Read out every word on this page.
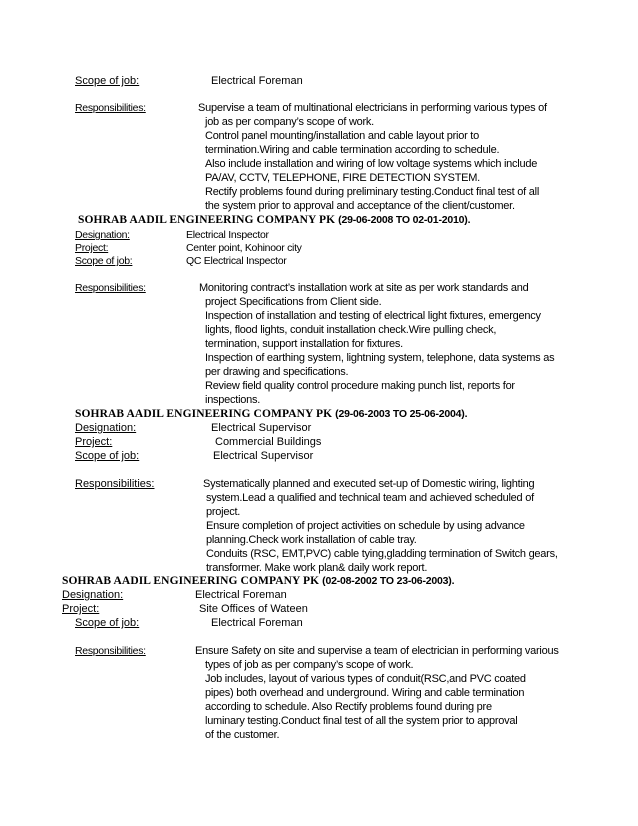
Scope of job:	Electrical Foreman
Responsibilities:	Supervise a team of multinational electricians in performing various types of
job as per company’s scope of work.
Control panel mounting/installation and cable layout prior to
termination.Wiring and cable termination according to schedule.
Also include installation and wiring of low voltage systems which include
PA/AV, CCTV, TELEPHONE, FIRE DETECTION SYSTEM.
Rectify problems found during preliminary testing.Conduct final test of all
the system prior to approval and acceptance of the client/customer.
SOHRAB AADIL ENGINEERING COMPANY PK (29-06-2008 TO 02-01-2010).
Designation:	Electrical Inspector
Project:	Center point, Kohinoor city
Scope of job:	QC Electrical Inspector
Responsibilities:	Monitoring contract’s installation work at site as per work standards and
project Specifications from Client side.
Inspection of installation and testing of electrical light fixtures, emergency
lights, flood lights, conduit installation check.Wire pulling check,
termination, support installation for fixtures.
Inspection of earthing system, lightning system, telephone, data systems as
per drawing and specifications.
Review field quality control procedure making punch list, reports for
inspections.
SOHRAB AADIL ENGINEERING COMPANY PK (29-06-2003 TO 25-06-2004).
Designation:	Electrical Supervisor
Project:	Commercial Buildings
Scope of job:	Electrical Supervisor
Responsibilities:	Systematically planned and executed set-up of Domestic wiring, lighting
system.Lead a qualified and technical team and achieved scheduled of
project.
Ensure completion of project activities on schedule by using advance
planning.Check work installation of cable tray.
Conduits (RSC, EMT,PVC) cable tying,gladding termination of Switch gears,
transformer. Make work plan& daily work report.
SOHRAB AADIL ENGINEERING COMPANY PK (02-08-2002 TO 23-06-2003).
Designation:	Electrical Foreman
Project:	Site Offices of Wateen
Scope of job:	Electrical Foreman
Responsibilities:	Ensure Safety on site and supervise a team of electrician in performing various
types of job as per company’s scope of work.
Job includes, layout of various types of conduit(RSC,and PVC coated
pipes) both overhead and underground. Wiring and cable termination
according to schedule. Also Rectify problems found during pre
luminary testing.Conduct final test of all the system prior to approval
of the customer.
